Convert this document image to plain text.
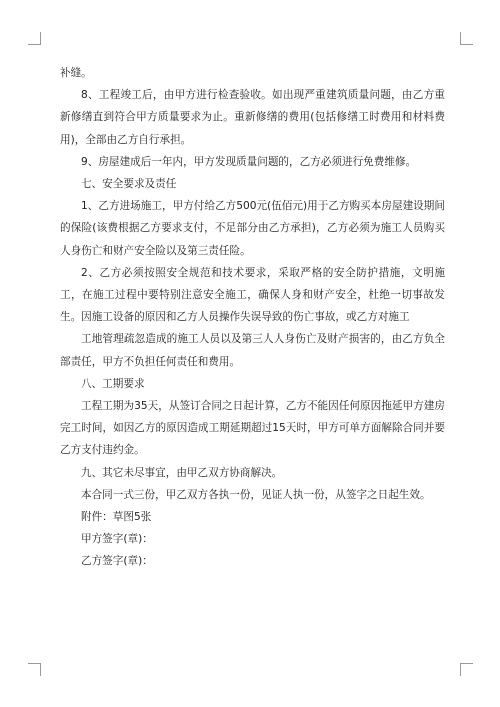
补缝。

8、工程竣工后，由甲方进行检查验收。如出现严重建筑质量问题，由乙方重新修缮直到符合甲方质量要求为止。重新修缮的费用(包括修缮工时费用和材料费用)，全部由乙方自行承担。

9、房屋建成后一年内，甲方发现质量问题的，乙方必须进行免费维修。

七、安全要求及责任

1、乙方进场施工，甲方付给乙方500元(伍佰元)用于乙方购买本房屋建设期间的保险(该费根据乙方要求支付，不足部分由乙方承担)，乙方必须为施工人员购买人身伤亡和财产安全险以及第三责任险。

2、乙方必须按照安全规范和技术要求，采取严格的安全防护措施，文明施工，在施工过程中要特别注意安全施工，确保人身和财产安全，杜绝一切事故发生。因施工设备的原因和乙方人员操作失误导致的伤亡事故，或乙方对施工

工地管理疏忽造成的施工人员以及第三人人身伤亡及财产损害的，由乙方负全部责任，甲方不负担任何责任和费用。

八、工期要求

工程工期为35天，从签订合同之日起计算，乙方不能因任何原因拖延甲方建房完工时间，如因乙方的原因造成工期延期超过15天时，甲方可单方面解除合同并要乙方支付违约金。

九、其它未尽事宜，由甲乙双方协商解决。

本合同一式三份，甲乙双方各执一份，见证人执一份，从签字之日起生效。

附件：草图5张

甲方签字(章)：

乙方签字(章)：
